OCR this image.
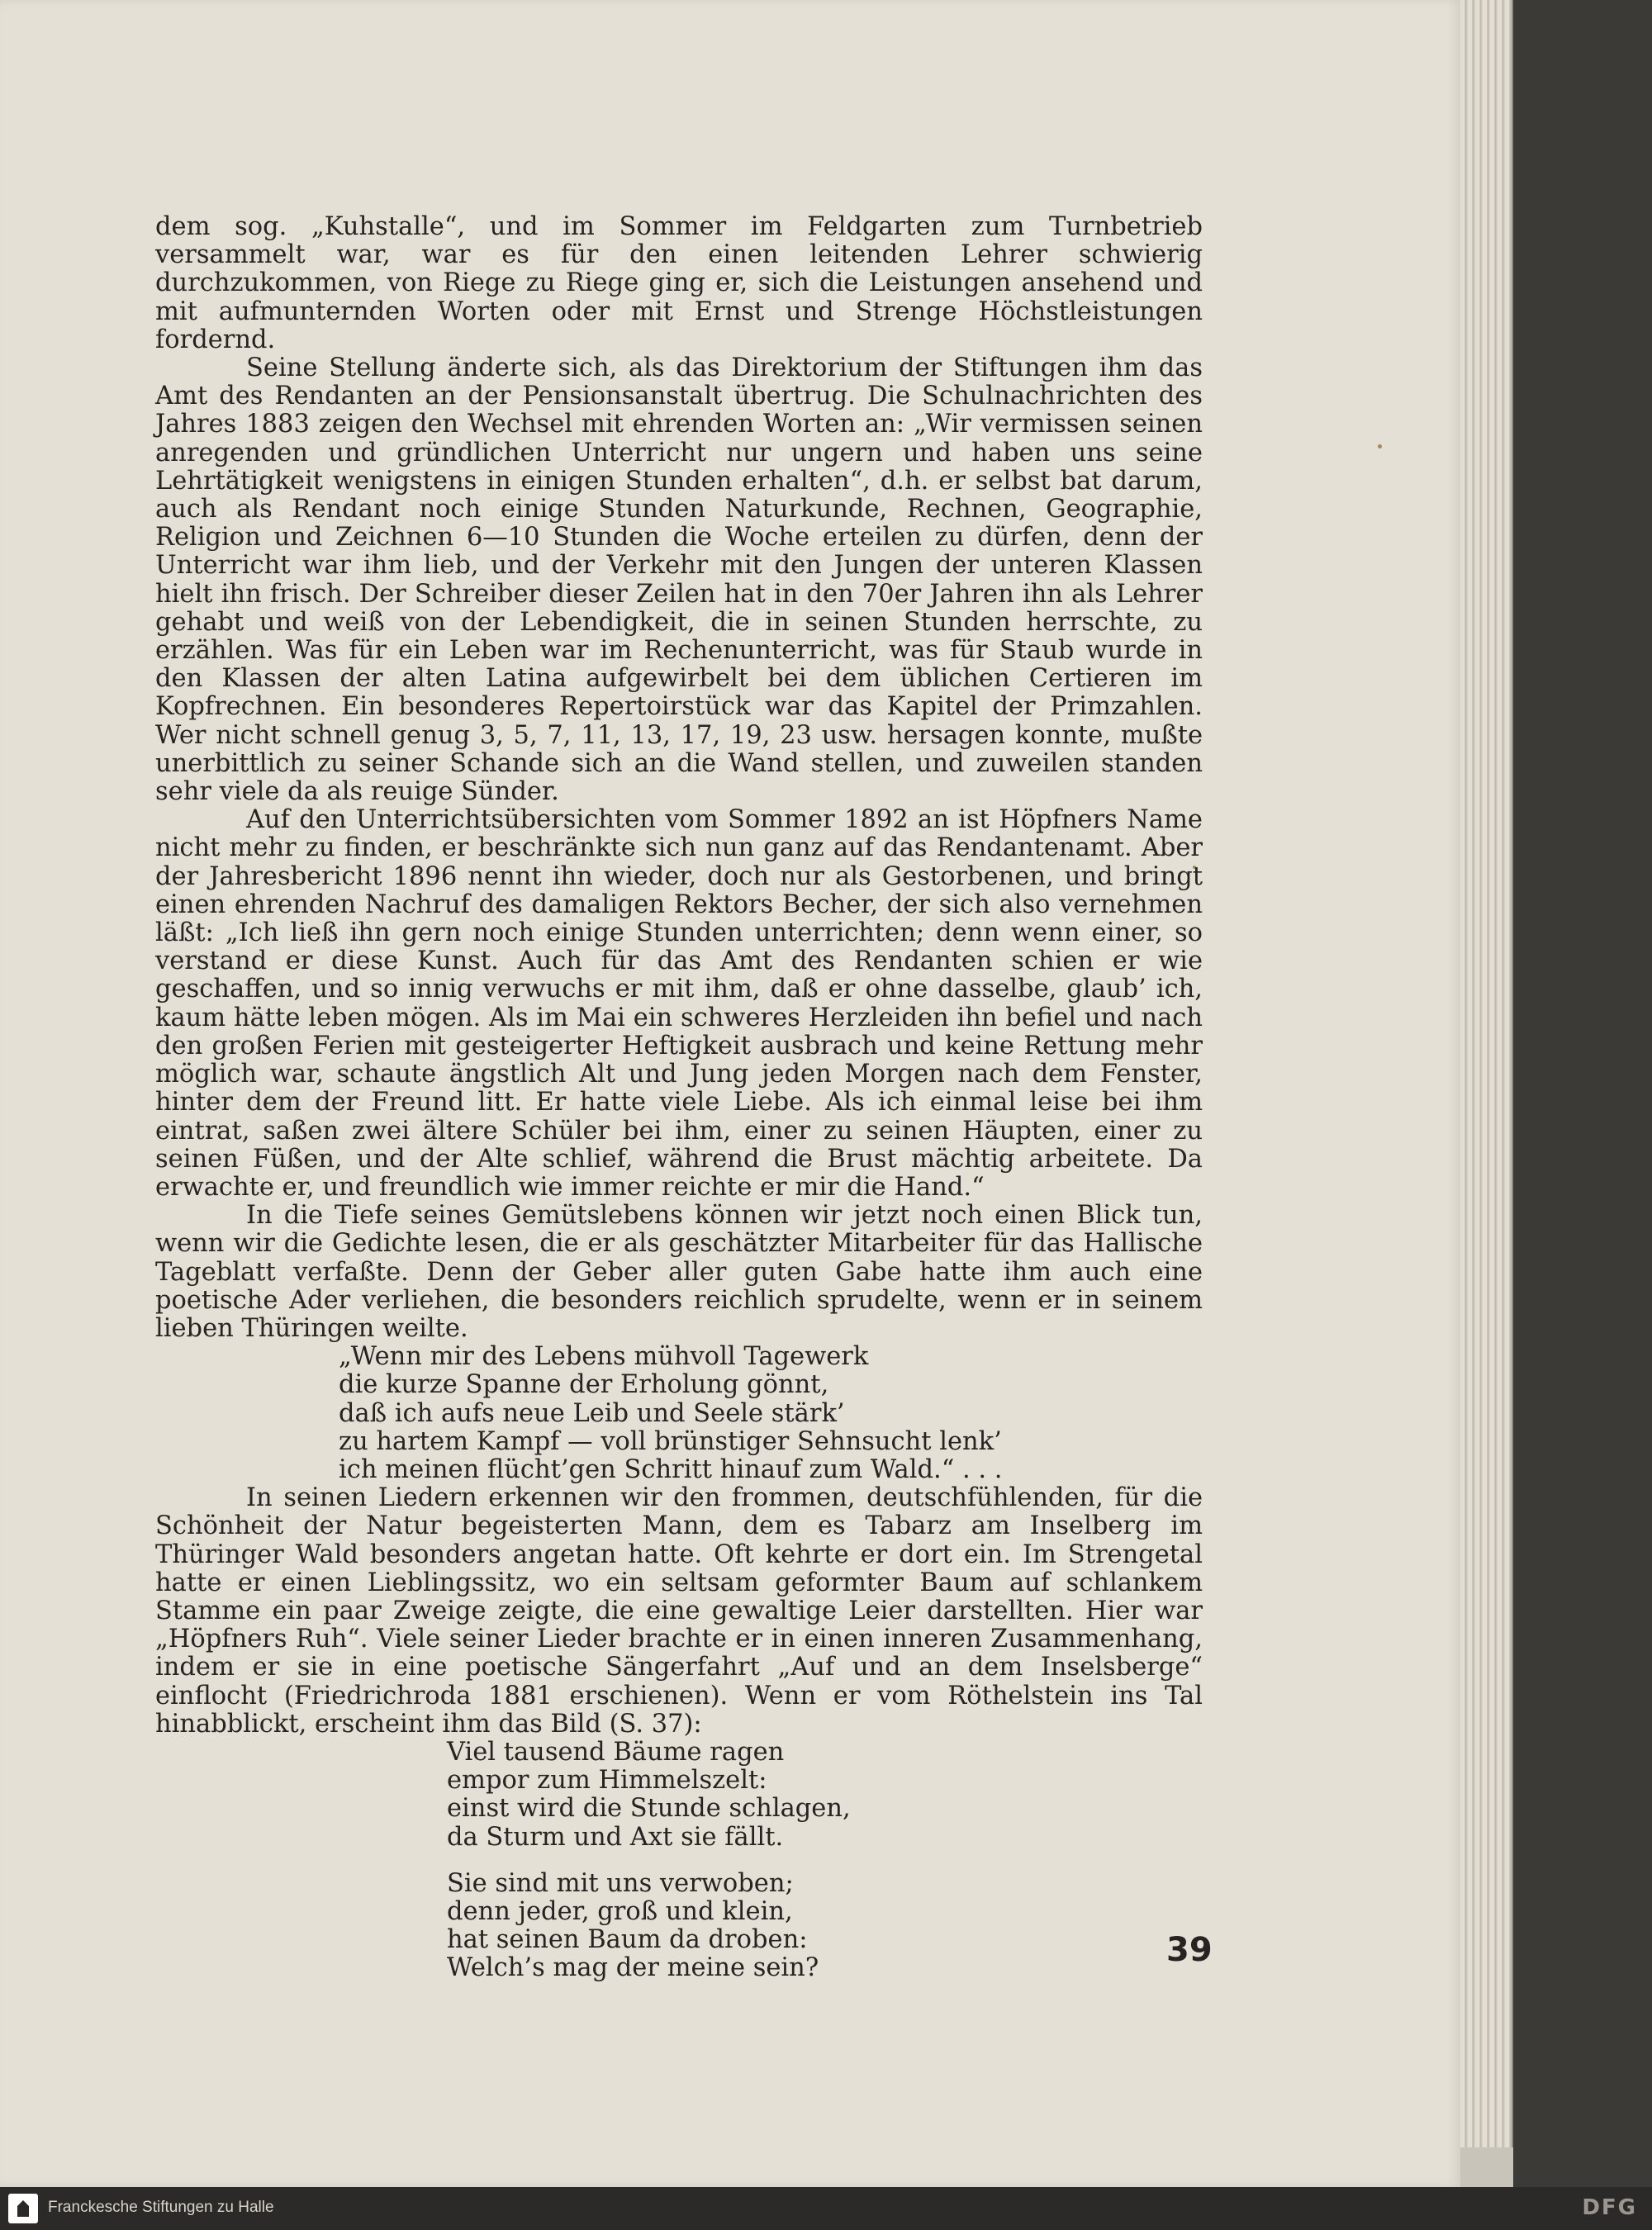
dem sog. „Kuhstalle“, und im Sommer im Feldgarten zum Turnbetrieb versammelt war, war es für den einen leitenden Lehrer schwierig durchzukommen, von Riege zu Riege ging er, sich die Leistungen ansehend und mit aufmunternden Worten oder mit Ernst und Strenge Höchstleistungen fordernd.

Seine Stellung änderte sich, als das Direktorium der Stiftungen ihm das Amt des Rendanten an der Pensionsanstalt übertrug. Die Schulnachrichten des Jahres 1883 zeigen den Wechsel mit ehrenden Worten an: „Wir vermissen seinen anregenden und gründlichen Unterricht nur ungern und haben uns seine Lehrtätigkeit wenigstens in einigen Stunden erhalten“, d.h. er selbst bat darum, auch als Rendant noch einige Stunden Naturkunde, Rechnen, Geographie, Religion und Zeichnen 6—10 Stunden die Woche erteilen zu dürfen, denn der Unterricht war ihm lieb, und der Verkehr mit den Jungen der unteren Klassen hielt ihn frisch. Der Schreiber dieser Zeilen hat in den 70er Jahren ihn als Lehrer gehabt und weiß von der Lebendigkeit, die in seinen Stunden herrschte, zu erzählen. Was für ein Leben war im Rechenunterricht, was für Staub wurde in den Klassen der alten Latina aufgewirbelt bei dem üblichen Certieren im Kopfrechnen. Ein besonderes Repertoirstück war das Kapitel der Primzahlen. Wer nicht schnell genug 3, 5, 7, 11, 13, 17, 19, 23 usw. hersagen konnte, mußte unerbittlich zu seiner Schande sich an die Wand stellen, und zuweilen standen sehr viele da als reuige Sünder.

Auf den Unterrichtsübersichten vom Sommer 1892 an ist Höpfners Name nicht mehr zu finden, er beschränkte sich nun ganz auf das Rendantenamt. Aber der Jahresbericht 1896 nennt ihn wieder, doch nur als Gestorbenen, und bringt einen ehrenden Nachruf des damaligen Rektors Becher, der sich also vernehmen läßt: „Ich ließ ihn gern noch einige Stunden unterrichten; denn wenn einer, so verstand er diese Kunst. Auch für das Amt des Rendanten schien er wie geschaffen, und so innig verwuchs er mit ihm, daß er ohne dasselbe, glaub’ ich, kaum hätte leben mögen. Als im Mai ein schweres Herzleiden ihn befiel und nach den großen Ferien mit gesteigerter Heftigkeit ausbrach und keine Rettung mehr möglich war, schaute ängstlich Alt und Jung jeden Morgen nach dem Fenster, hinter dem der Freund litt. Er hatte viele Liebe. Als ich einmal leise bei ihm eintrat, saßen zwei ältere Schüler bei ihm, einer zu seinen Häupten, einer zu seinen Füßen, und der Alte schlief, während die Brust mächtig arbeitete. Da erwachte er, und freundlich wie immer reichte er mir die Hand.“

In die Tiefe seines Gemütslebens können wir jetzt noch einen Blick tun, wenn wir die Gedichte lesen, die er als geschätzter Mitarbeiter für das Hallische Tageblatt verfaßte. Denn der Geber aller guten Gabe hatte ihm auch eine poetische Ader verliehen, die besonders reichlich sprudelte, wenn er in seinem lieben Thüringen weilte.

„Wenn mir des Lebens mühvoll Tagewerk
die kurze Spanne der Erholung gönnt,
daß ich aufs neue Leib und Seele stärk’
zu hartem Kampf — voll brünstiger Sehnsucht lenk’
ich meinen flücht’gen Schritt hinauf zum Wald.“ . . .

In seinen Liedern erkennen wir den frommen, deutschfühlenden, für die Schönheit der Natur begeisterten Mann, dem es Tabarz am Inselberg im Thüringer Wald besonders angetan hatte. Oft kehrte er dort ein. Im Strengetal hatte er einen Lieblingssitz, wo ein seltsam geformter Baum auf schlankem Stamme ein paar Zweige zeigte, die eine gewaltige Leier darstellten. Hier war „Höpfners Ruh“. Viele seiner Lieder brachte er in einen inneren Zusammenhang, indem er sie in eine poetische Sängerfahrt „Auf und an dem Inselsberge“ einflocht (Friedrichroda 1881 erschienen). Wenn er vom Röthelstein ins Tal hinabblickt, erscheint ihm das Bild (S. 37):

Viel tausend Bäume ragen
empor zum Himmelszelt:
einst wird die Stunde schlagen,
da Sturm und Axt sie fällt.
Sie sind mit uns verwoben;
denn jeder, groß und klein,
hat seinen Baum da droben:
Welch’s mag der meine sein?	39
Franckesche Stiftungen zu Halle	DFG
